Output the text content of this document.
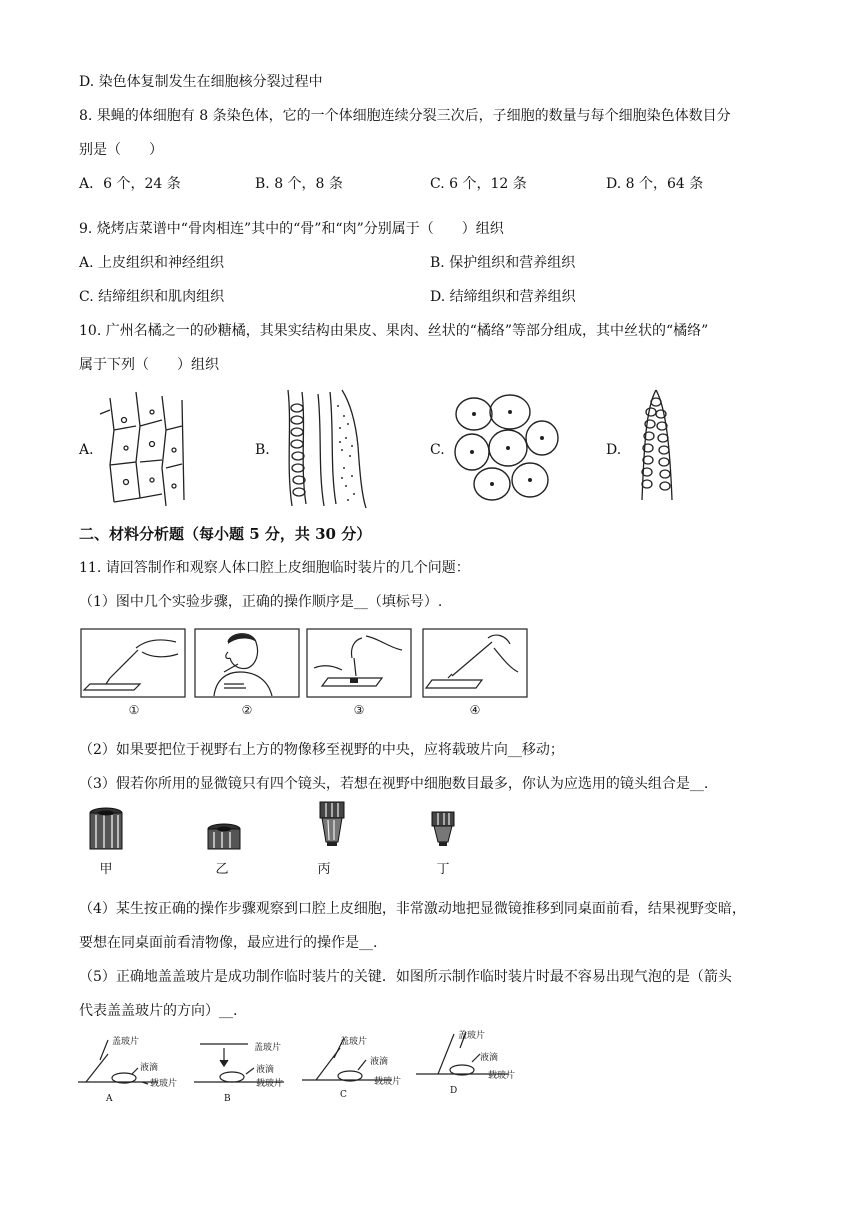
D. 染色体复制发生在细胞核分裂过程中
8. 果蝇的体细胞有 8 条染色体，它的一个体细胞连续分裂三次后，子细胞的数量与每个细胞染色体数目分
别是（　　）
A．6 个，24 条	B. 8 个，8 条	C. 6 个，12 条	D. 8 个，64 条
9. 烧烤店菜谱中“骨肉相连”其中的“骨”和“肉”分别属于（　　）组织
A. 上皮组织和神经组织	B. 保护组织和营养组织
C. 结缔组织和肌肉组织	D. 结缔组织和营养组织
10. 广州名橘之一的砂糖橘，其果实结构由果皮、果肉、丝状的“橘络”等部分组成，其中丝状的“橘络”
属于下列（　　）组织
A．	B.	C.	D.
二、材料分析题（每小题 5 分，共 30 分）
11. 请回答制作和观察人体口腔上皮细胞临时装片的几个问题：
（1）图中几个实验步骤，正确的操作顺序是__（填标号）.
①	②	③	④
（2）如果要把位于视野右上方的物像移至视野的中央，应将载玻片向__移动；
（3）假若你所用的显微镜只有四个镜头，若想在视野中细胞数目最多，你认为应选用的镜头组合是__.
甲	乙	丙	丁
（4）某生按正确的操作步骤观察到口腔上皮细胞，非常激动地把显微镜推移到同桌面前看，结果视野变暗，
要想在同桌面前看清物像，最应进行的操作是__.
（5）正确地盖盖玻片是成功制作临时装片的关键．如图所示制作临时装片时最不容易出现气泡的是（箭头
代表盖盖玻片的方向）__.
盖玻片
液滴
载玻片
A
盖玻片
液滴
载玻片
B
盖玻片
液滴
载玻片
C
盖玻片
液滴
载玻片
D
